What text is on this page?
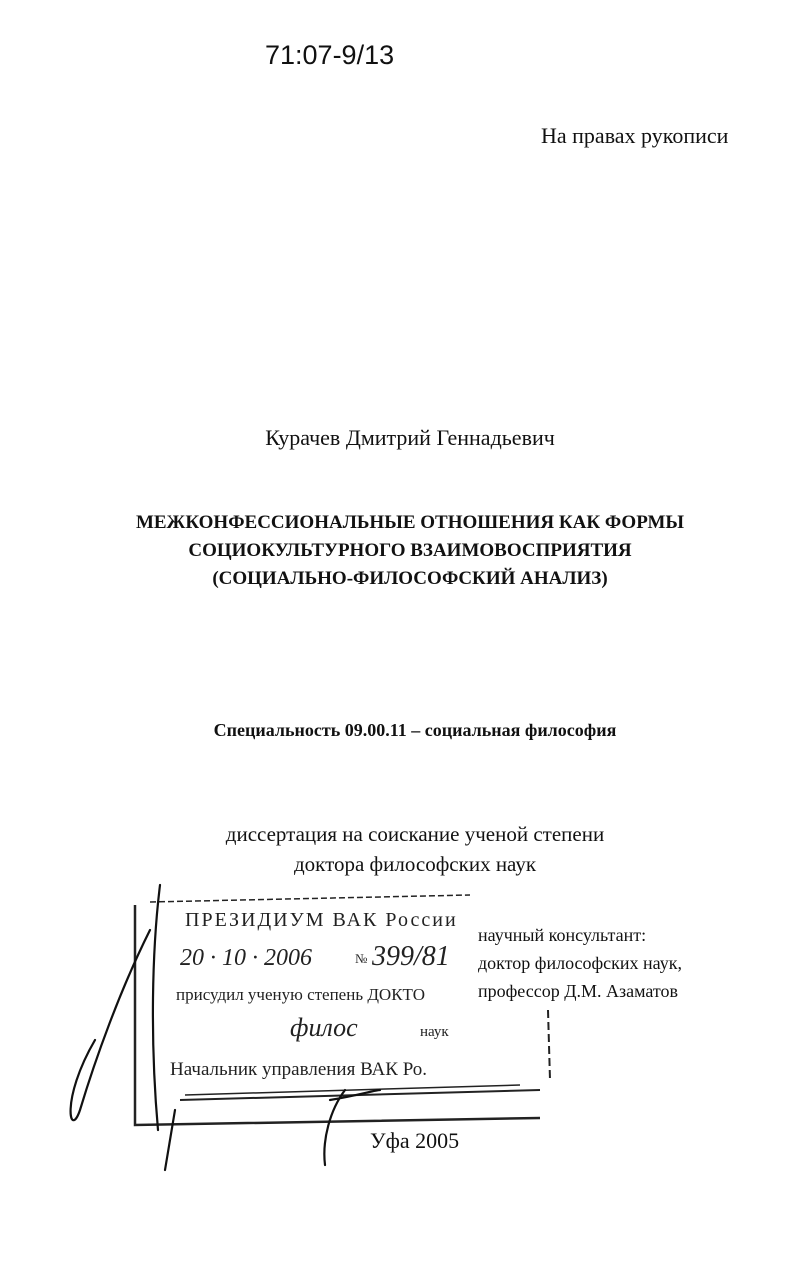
71:07-9/13
На правах рукописи
Курачев Дмитрий Геннадьевич
МЕЖКОНФЕССИОНАЛЬНЫЕ ОТНОШЕНИЯ КАК ФОРМЫ
СОЦИОКУЛЬТУРНОГО ВЗАИМОВОСПРИЯТИЯ
(СОЦИАЛЬНО-ФИЛОСОФСКИЙ АНАЛИЗ)
Специальность 09.00.11 – социальная философия
диссертация на соискание ученой степени
доктора философских наук
ПРЕЗИДИУМ ВАК России
20 · 10 · 2006	№ 399/81
присудил ученую степень ДОКТО
филос	наук
Начальник управления ВАК Ро.
научный консультант:
доктор философских наук,
профессор Д.М. Азаматов
Уфа 2005
